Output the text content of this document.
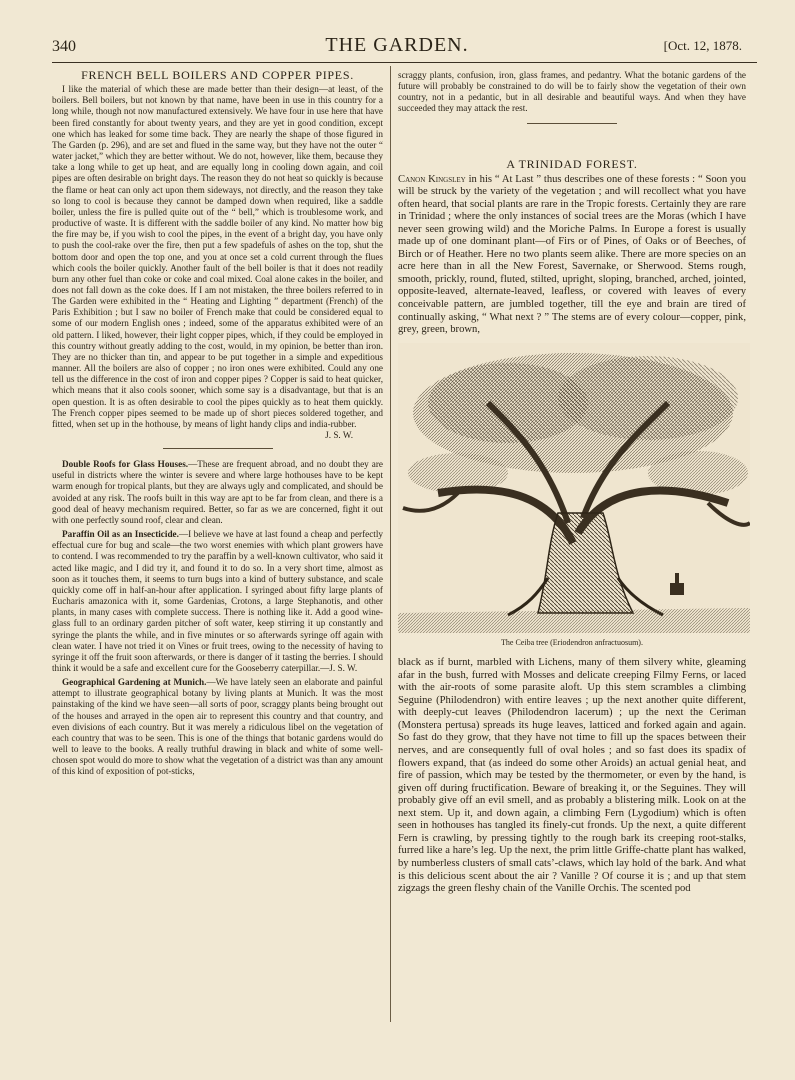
340	THE GARDEN.	[Oct. 12, 1878.
FRENCH BELL BOILERS AND COPPER PIPES.

I like the material of which these are made better than their design—at least, of the boilers. Bell boilers, but not known by that name, have been in use in this country for a long while, though not now manufactured extensively. We have four in use here that have been fired constantly for about twenty years, and they are yet in good condition, except one which has leaked for some time back. They are nearly the shape of those figured in The Garden (p. 296), and are set and flued in the same way, but they have not the outer “ water jacket,” which they are better without. We do not, however, like them, because they take a long while to get up heat, and are equally long in cooling down again, and coil pipes are often desirable on bright days. The reason they do not heat so quickly is because the flame or heat can only act upon them sideways, not directly, and the reason they take so long to cool is because they cannot be damped down when required, like a saddle boiler, unless the fire is pulled quite out of the “ bell,” which is troublesome work, and productive of waste. It is different with the saddle boiler of any kind. No matter how big the fire may be, if you wish to cool the pipes, in the event of a bright day, you have only to push the cool-rake over the fire, then put a few spadefuls of ashes on the top, shut the bottom door and open the top one, and you at once set a cold current through the flues which cools the boiler quickly. Another fault of the bell boiler is that it does not readily burn any other fuel than coke or coke and coal mixed. Coal alone cakes in the boiler, and does not fall down as the coke does. If I am not mistaken, the three boilers referred to in The Garden were exhibited in the “ Heating and Lighting ” department (French) of the Paris Exhibition ; but I saw no boiler of French make that could be considered equal to some of our modern English ones ; indeed, some of the apparatus exhibited were of an old pattern. I liked, however, their light copper pipes, which, if they could be employed in this country without greatly adding to the cost, would, in my opinion, be better than iron. They are no thicker than tin, and appear to be put together in a simple and expeditious manner. All the boilers are also of copper ; no iron ones were exhibited. Could any one tell us the difference in the cost of iron and copper pipes ? Copper is said to heat quicker, which means that it also cools sooner, which some say is a disadvantage, but that is an open question. It is as often desirable to cool the pipes quickly as to heat them quickly. The French copper pipes seemed to be made up of short pieces soldered together, and fitted, when set up in the hothouse, by means of light handy clips and india-rubber.

J. S. W.

Double Roofs for Glass Houses.—These are frequent abroad, and no doubt they are useful in districts where the winter is severe and where large hothouses have to be kept warm enough for tropical plants, but they are always ugly and complicated, and should be avoided at any risk. The roofs built in this way are apt to be far from clean, and there is a good deal of heavy mechanism required. Better, so far as we are concerned, fight it out with one perfectly sound roof, clear and clean.

Paraffin Oil as an Insecticide.—I believe we have at last found a cheap and perfectly effectual cure for bug and scale—the two worst enemies with which plant growers have to contend. I was recommended to try the paraffin by a well-known cultivator, who said it acted like magic, and I did try it, and found it to do so. In a very short time, almost as soon as it touches them, it seems to turn bugs into a kind of buttery substance, and scale quickly come off in half-an-hour after application. I syringed about fifty large plants of Eucharis amazonica with it, some Gardenias, Crotons, a large Stephanotis, and other plants, in many cases with complete success. There is nothing like it. Add a good wine-glass full to an ordinary garden pitcher of soft water, keep stirring it up constantly and syringe the plants the while, and in five minutes or so afterwards syringe off again with clean water. I have not tried it on Vines or fruit trees, owing to the necessity of having to syringe it off the fruit soon afterwards, or there is danger of it tasting the berries. I should think it would be a safe and excellent cure for the Gooseberry caterpillar.—J. S. W.

Geographical Gardening at Munich.—We have lately seen an elaborate and painful attempt to illustrate geographical botany by living plants at Munich. It was the most painstaking of the kind we have seen—all sorts of poor, scraggy plants being brought out of the houses and arrayed in the open air to represent this country and that country, and even divisions of each country. But it was merely a ridiculous libel on the vegetation of each country that was to be seen. This is one of the things that botanic gardens would do well to leave to the books. A really truthful drawing in black and white of some well-chosen spot would do more to show what the vegetation of a district was than any amount of this kind of exposition of pot-sticks,

scraggy plants, confusion, iron, glass frames, and pedantry. What the botanic gardens of the future will probably be constrained to do will be to fairly show the vegetation of their own country, not in a pedantic, but in all desirable and beautiful ways. And when they have succeeded they may attack the rest.

A TRINIDAD FOREST.

Canon Kingsley in his “ At Last ” thus describes one of these forests : “ Soon you will be struck by the variety of the vegetation ; and will recollect what you have often heard, that social plants are rare in the Tropic forests. Certainly they are rare in Trinidad ; where the only instances of social trees are the Moras (which I have never seen growing wild) and the Moriche Palms. In Europe a forest is usually made up of one dominant plant—of Firs or of Pines, of Oaks or of Beeches, of Birch or of Heather. Here no two plants seem alike. There are more species on an acre here than in all the New Forest, Savernake, or Sherwood. Stems rough, smooth, prickly, round, fluted, stilted, upright, sloping, branched, arched, jointed, opposite-leaved, alternate-leaved, leafless, or covered with leaves of every conceivable pattern, are jumbled together, till the eye and brain are tired of continually asking, “ What next ? ” The stems are of every colour—copper, pink, grey, green, brown,

The Ceiba tree (Eriodendron anfractuosum).

black as if burnt, marbled with Lichens, many of them silvery white, gleaming afar in the bush, furred with Mosses and delicate creeping Filmy Ferns, or laced with the air-roots of some parasite aloft. Up this stem scrambles a climbing Seguine (Philodendron) with entire leaves ; up the next another quite different, with deeply-cut leaves (Philodendron lacerum) ; up the next the Ceriman (Monstera pertusa) spreads its huge leaves, latticed and forked again and again. So fast do they grow, that they have not time to fill up the spaces between their nerves, and are consequently full of oval holes ; and so fast does its spadix of flowers expand, that (as indeed do some other Aroids) an actual genial heat, and fire of passion, which may be tested by the thermometer, or even by the hand, is given off during fructification. Beware of breaking it, or the Seguines. They will probably give off an evil smell, and as probably a blistering milk. Look on at the next stem. Up it, and down again, a climbing Fern (Lygodium) which is often seen in hothouses has tangled its finely-cut fronds. Up the next, a quite different Fern is crawling, by pressing tightly to the rough bark its creeping root-stalks, furred like a hare’s leg. Up the next, the prim little Griffe-chatte plant has walked, by numberless clusters of small cats’-claws, which lay hold of the bark. And what is this delicious scent about the air ? Vanille ? Of course it is ; and up that stem zigzags the green fleshy chain of the Vanille Orchis. The scented pod
